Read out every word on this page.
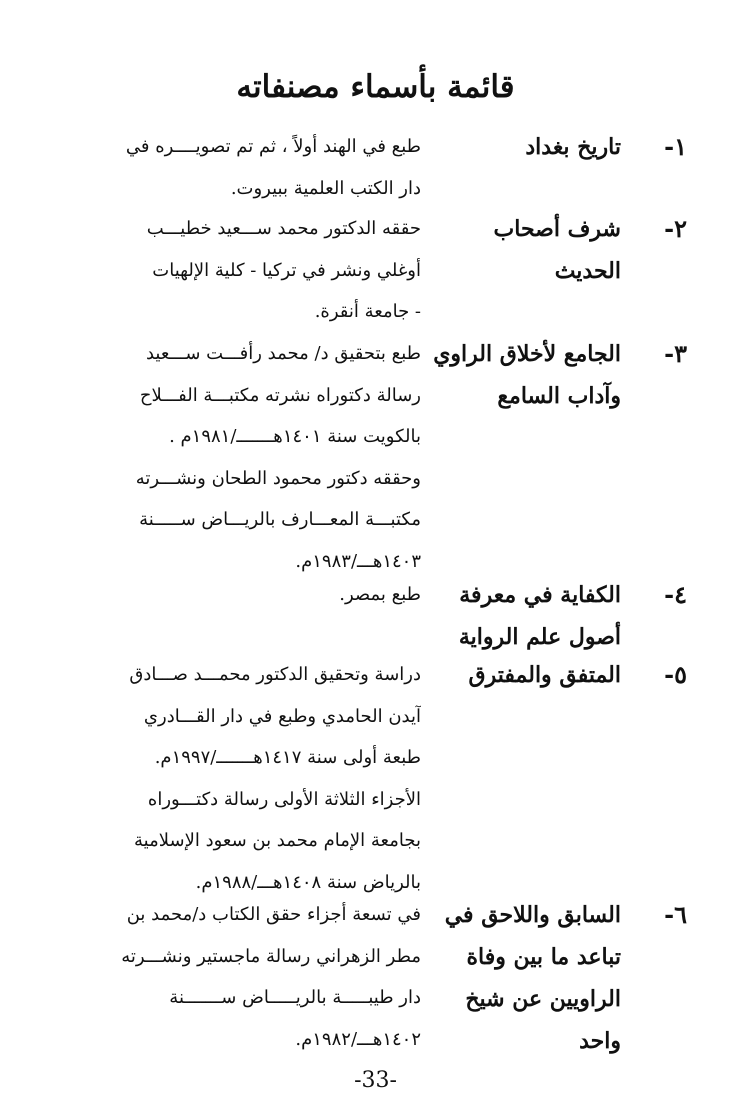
قائمة بأسماء مصنفاته
١-
تاريخ بغداد
طبع في الهند أولاً ، ثم تم تصويــــره في
دار الكتب العلمية ببيروت.
٢-
شرف أصحاب الحديث
حققه الدكتور محمد ســـعيد خطيـــب
أوغلي ونشر في تركيا - كلية الإلهيات
- جامعة أنقرة.
٣-
الجامع لأخلاق الراوي وآداب السامع
طبع بتحقيق د/ محمد رأفـــت ســـعيد
رسالة دكتوراه نشرته مكتبـــة الفـــلاح
بالكويت سنة ١٤٠١هـــــــ/١٩٨١م .
وحققه دكتور محمود الطحان ونشـــرته
مكتبـــة المعـــارف بالريـــاض ســـــنة
١٤٠٣هـــ/١٩٨٣م.
٤-
الكفاية في معرفة أصول علم الرواية
طبع بمصر.
٥-
المتفق والمفترق
دراسة وتحقيق الدكتور محمـــد صـــادق
آيدن الحامدي وطبع في دار القـــادري
طبعة أولى سنة ١٤١٧هـــــــ/١٩٩٧م.
الأجزاء الثلاثة الأولى رسالة دكتـــوراه
بجامعة الإمام محمد بن سعود الإسلامية
بالرياض سنة ١٤٠٨هـــ/١٩٨٨م.
٦-
السابق واللاحق في تباعد ما بين وفاة الراويين عن شيخ واحد
في تسعة أجزاء حقق الكتاب د/محمد بن
مطر الزهراني رسالة ماجستير ونشـــرته
دار طيبـــــة بالريـــــاض ســـــــنة
١٤٠٢هـــ/١٩٨٢م.
-33-
